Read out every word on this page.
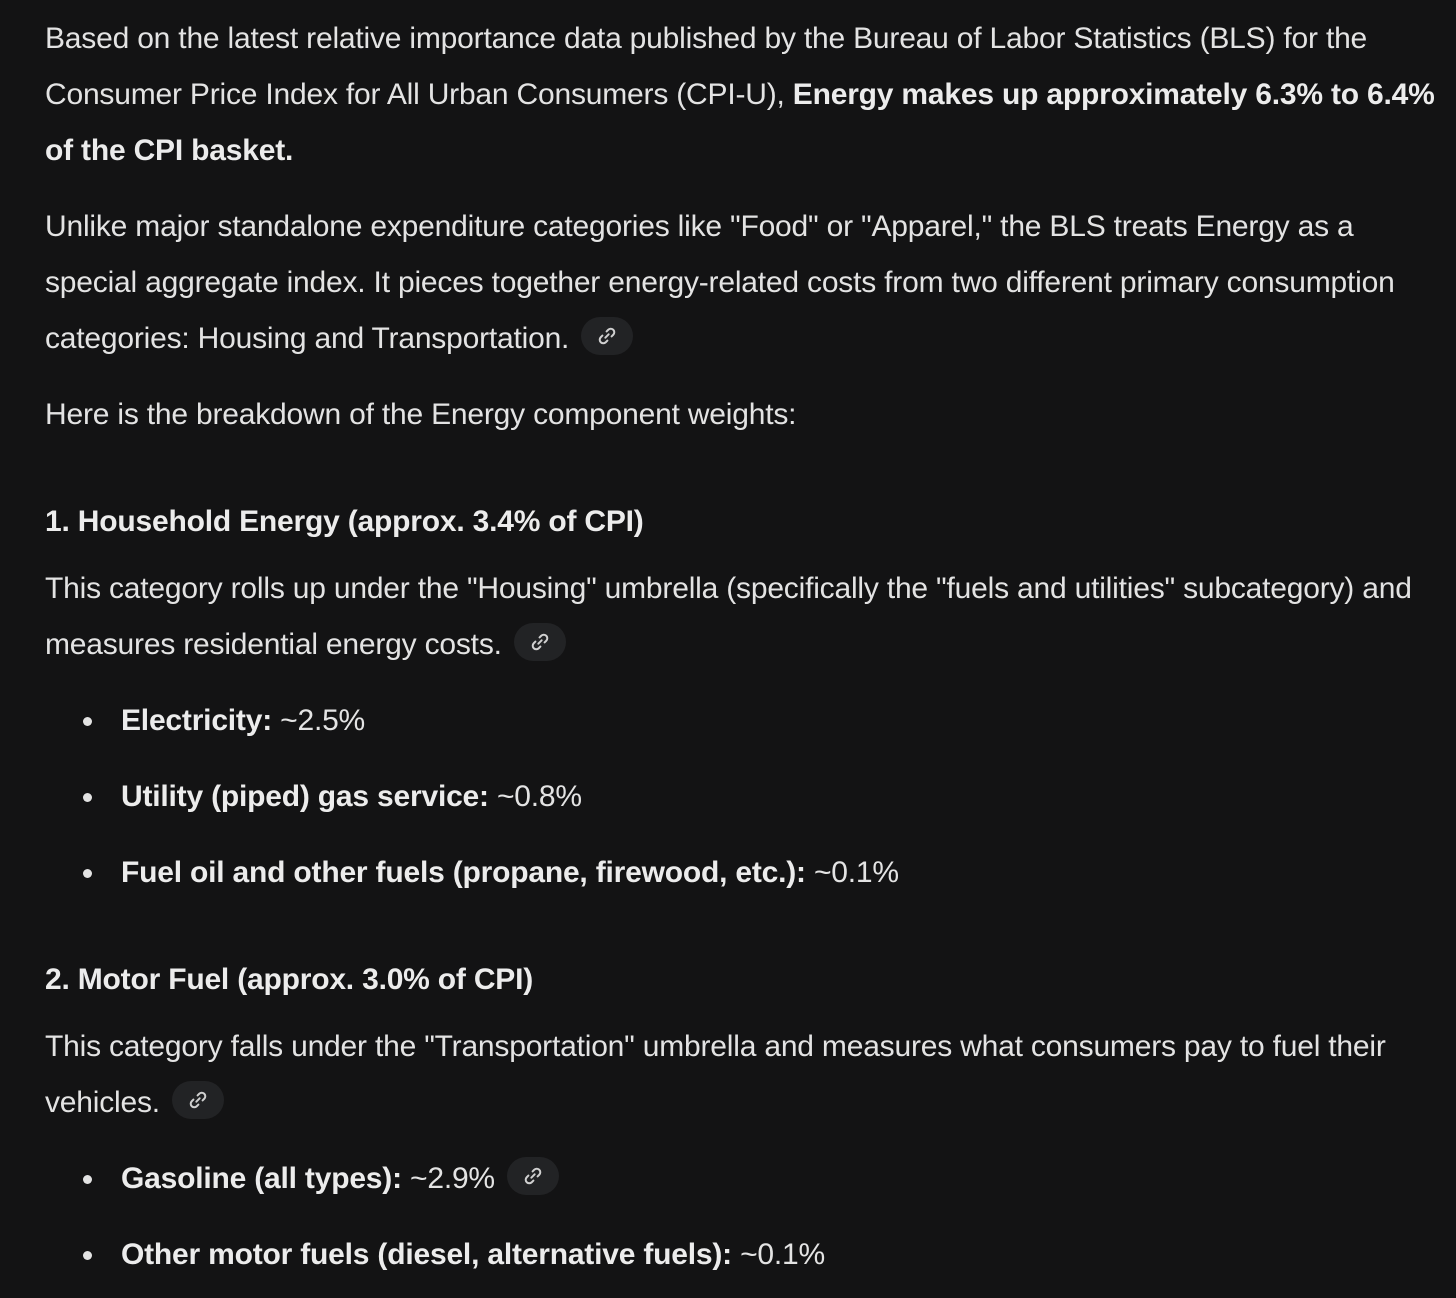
Based on the latest relative importance data published by the Bureau of Labor Statistics (BLS) for the Consumer Price Index for All Urban Consumers (CPI-U), Energy makes up approximately 6.3% to 6.4% of the CPI basket.

Unlike major standalone expenditure categories like "Food" or "Apparel," the BLS treats Energy as a special aggregate index. It pieces together energy-related costs from two different primary consumption categories: Housing and Transportation.

Here is the breakdown of the Energy component weights:

1. Household Energy (approx. 3.4% of CPI)

This category rolls up under the "Housing" umbrella (specifically the "fuels and utilities" subcategory) and measures residential energy costs.

Electricity: ~2.5%
Utility (piped) gas service: ~0.8%
Fuel oil and other fuels (propane, firewood, etc.): ~0.1%

2. Motor Fuel (approx. 3.0% of CPI)

This category falls under the "Transportation" umbrella and measures what consumers pay to fuel their vehicles.

Gasoline (all types): ~2.9%
Other motor fuels (diesel, alternative fuels): ~0.1%
